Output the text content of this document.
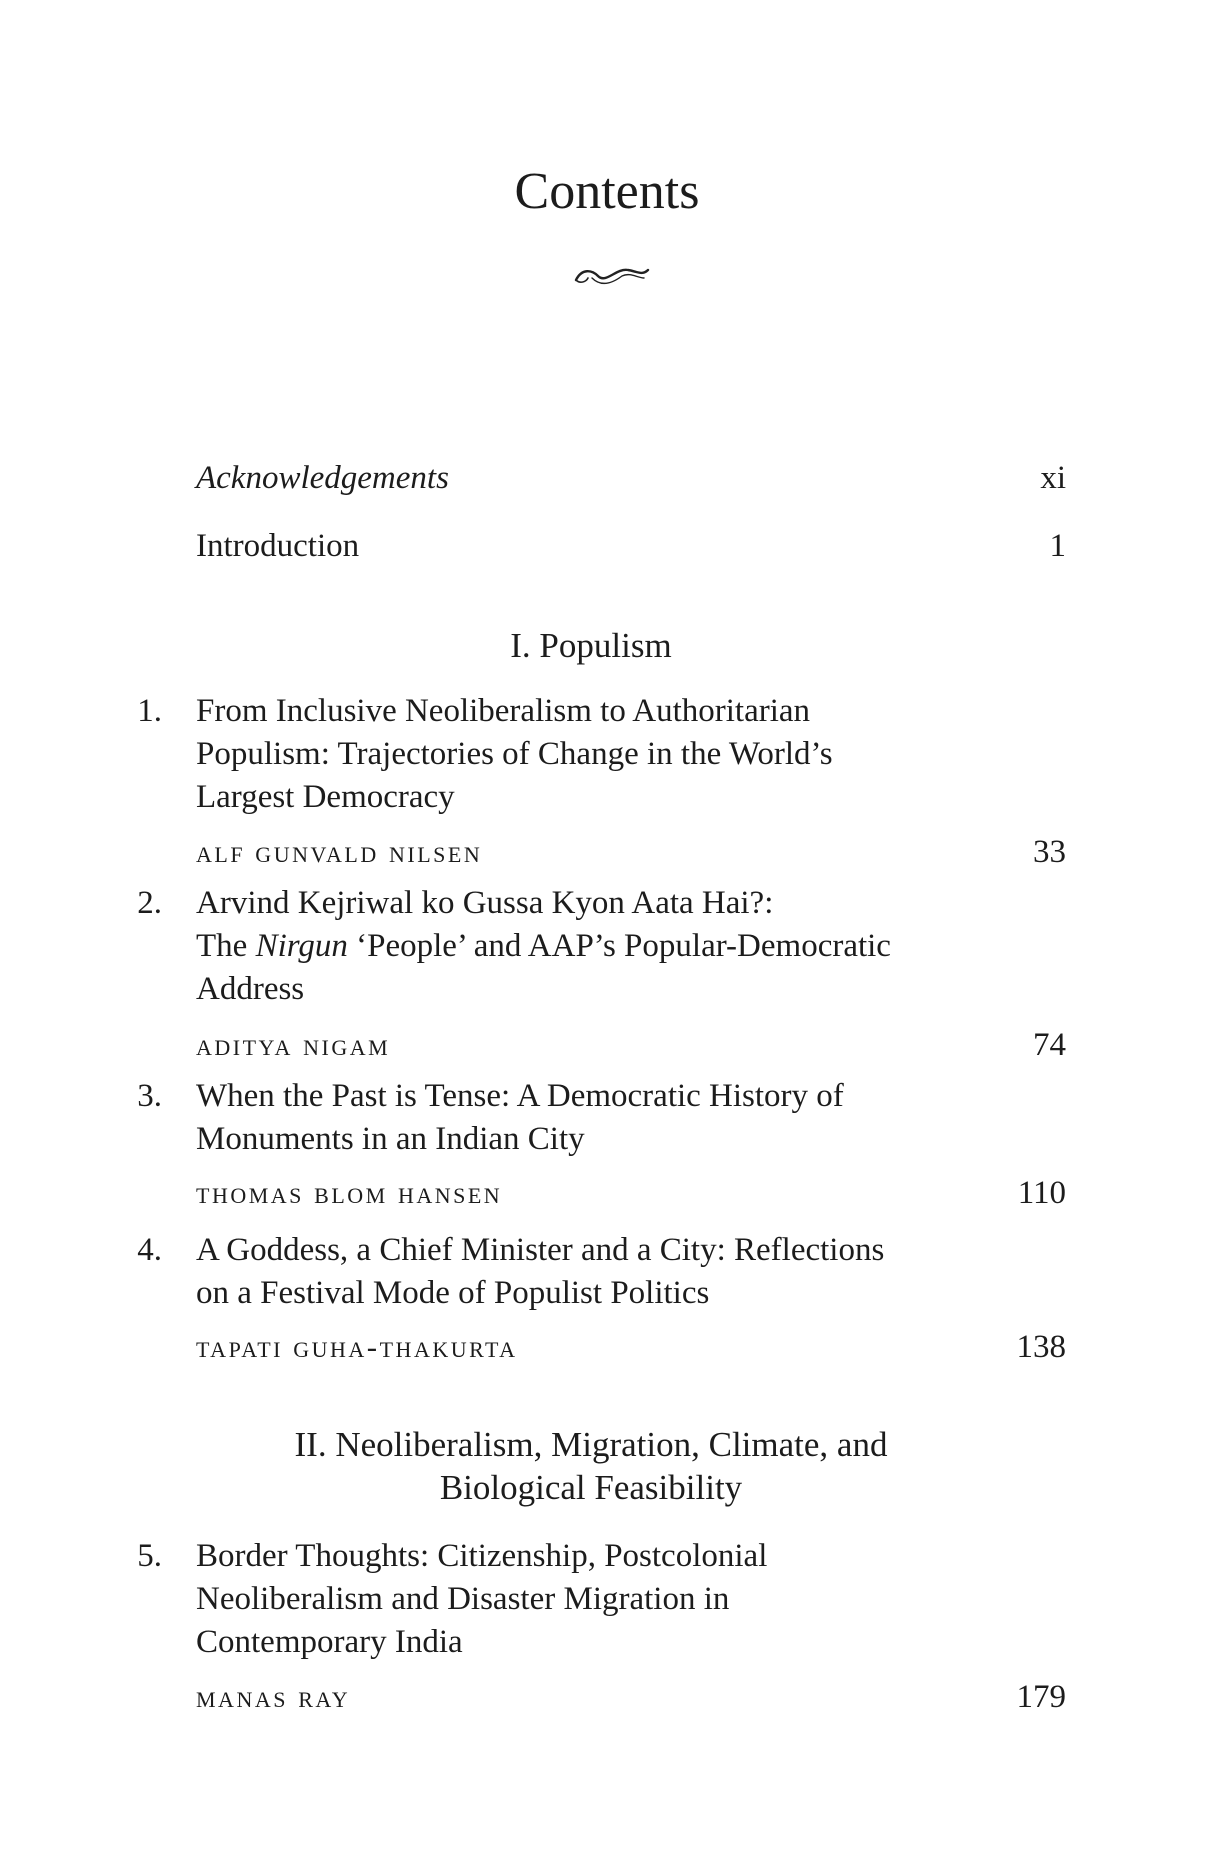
Contents
Acknowledgements	xi
Introduction	1
I. Populism
1. From Inclusive Neoliberalism to Authoritarian
Populism: Trajectories of Change in the World’s
Largest Democracy
alf gunvald nilsen	33
2. Arvind Kejriwal ko Gussa Kyon Aata Hai?:
The Nirgun ‘People’ and AAP’s Popular-Democratic
Address
aditya nigam	74
3. When the Past is Tense: A Democratic History of
Monuments in an Indian City
thomas blom hansen	110
4. A Goddess, a Chief Minister and a City: Reflections
on a Festival Mode of Populist Politics
tapati guha-thakurta	138
II. Neoliberalism, Migration, Climate, and
Biological Feasibility
5. Border Thoughts: Citizenship, Postcolonial
Neoliberalism and Disaster Migration in
Contemporary India
manas ray	179
